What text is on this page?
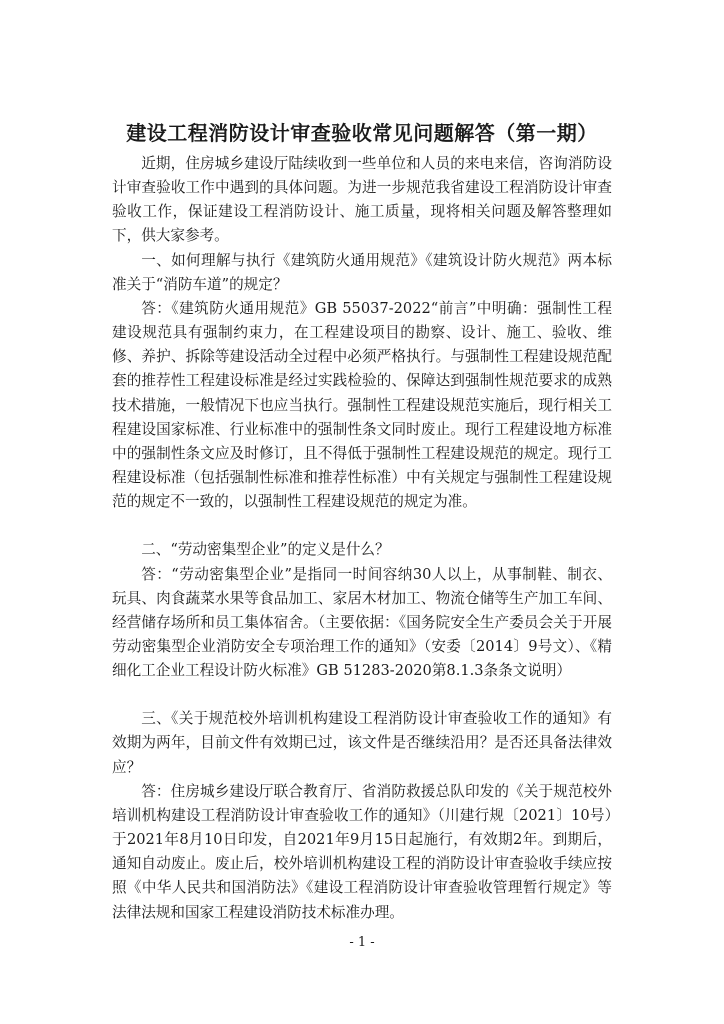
建设工程消防设计审查验收常见问题解答（第一期）

近期，住房城乡建设厅陆续收到一些单位和人员的来电来信，咨询消防设计审查验收工作中遇到的具体问题。为进一步规范我省建设工程消防设计审查验收工作，保证建设工程消防设计、施工质量，现将相关问题及解答整理如下，供大家参考。

一、如何理解与执行《建筑防火通用规范》《建筑设计防火规范》两本标准关于“消防车道”的规定？

答：《建筑防火通用规范》GB 55037-2022“前言”中明确：强制性工程建设规范具有强制约束力，在工程建设项目的勘察、设计、施工、验收、维修、养护、拆除等建设活动全过程中必须严格执行。与强制性工程建设规范配套的推荐性工程建设标准是经过实践检验的、保障达到强制性规范要求的成熟技术措施，一般情况下也应当执行。强制性工程建设规范实施后，现行相关工程建设国家标准、行业标准中的强制性条文同时废止。现行工程建设地方标准中的强制性条文应及时修订，且不得低于强制性工程建设规范的规定。现行工程建设标准（包括强制性标准和推荐性标准）中有关规定与强制性工程建设规范的规定不一致的，以强制性工程建设规范的规定为准。

二、“劳动密集型企业”的定义是什么？

答：“劳动密集型企业”是指同一时间容纳30人以上，从事制鞋、制衣、玩具、肉食蔬菜水果等食品加工、家居木材加工、物流仓储等生产加工车间、经营储存场所和员工集体宿舍。（主要依据：《国务院安全生产委员会关于开展劳动密集型企业消防安全专项治理工作的通知》（安委〔2014〕9号文）、《精细化工企业工程设计防火标准》GB 51283-2020第8.1.3条条文说明）

三、《关于规范校外培训机构建设工程消防设计审查验收工作的通知》有效期为两年，目前文件有效期已过，该文件是否继续沿用？是否还具备法律效应？

答：住房城乡建设厅联合教育厅、省消防救援总队印发的《关于规范校外培训机构建设工程消防设计审查验收工作的通知》（川建行规〔2021〕10号）于2021年8月10日印发，自2021年9月15日起施行，有效期2年。到期后，通知自动废止。废止后，校外培训机构建设工程的消防设计审查验收手续应按照《中华人民共和国消防法》《建设工程消防设计审查验收管理暂行规定》等法律法规和国家工程建设消防技术标准办理。

- 1 -
